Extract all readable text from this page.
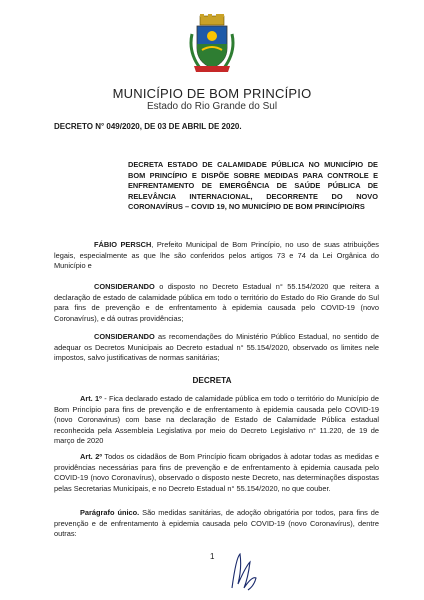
MUNICÍPIO DE BOM PRINCÍPIO
Estado do Rio Grande do Sul
DECRETO N° 049/2020, DE 03 DE ABRIL DE 2020.
DECRETA ESTADO DE CALAMIDADE PÚBLICA NO MUNICÍPIO DE BOM PRINCÍPIO E DISPÕE SOBRE MEDIDAS PARA CONTROLE E ENFRENTAMENTO DE EMERGÊNCIA DE SAÚDE PÚBLICA DE RELEVÂNCIA INTERNACIONAL, DECORRENTE DO NOVO CORONAVÍRUS – COVID 19, NO MUNICÍPIO DE BOM PRINCÍPIO/RS
FÁBIO PERSCH, Prefeito Municipal de Bom Princípio, no uso de suas atribuições legais, especialmente as que lhe são conferidos pelos artigos 73 e 74 da Lei Orgânica do Município e
CONSIDERANDO o disposto no Decreto Estadual n° 55.154/2020 que reitera a declaração de estado de calamidade pública em todo o território do Estado do Rio Grande do Sul para fins de prevenção e de enfrentamento à epidemia causada pelo COVID-19 (novo Coronavírus), e dá outras providências;
CONSIDERANDO as recomendações do Ministério Público Estadual, no sentido de adequar os Decretos Municipais ao Decreto estadual n° 55.154/2020, observado os limites nele impostos, salvo justificativas de normas sanitárias;
DECRETA
Art. 1º - Fica declarado estado de calamidade pública em todo o território do Município de Bom Princípio para fins de prevenção e de enfrentamento à epidemia causada pelo COVID-19 (novo Coronavirus) com base na declaração de Estado de Calamidade Pública estadual reconhecida pela Assembleia Legislativa por meio do Decreto Legislativo n° 11.220, de 19 de março de 2020
Art. 2º Todos os cidadãos de Bom Princípio ficam obrigados à adotar todas as medidas e providências necessárias para fins de prevenção e de enfrentamento à epidemia causada pelo COVID-19 (novo Coronavírus), observado o disposto neste Decreto, nas determinações dispostas pelas Secretarias Municipais, e no Decreto Estadual n° 55.154/2020, no que couber.
Parágrafo único. São medidas sanitárias, de adoção obrigatória por todos, para fins de prevenção e de enfrentamento à epidemia causada pelo COVID-19 (novo Coronavírus), dentre outras:
1
